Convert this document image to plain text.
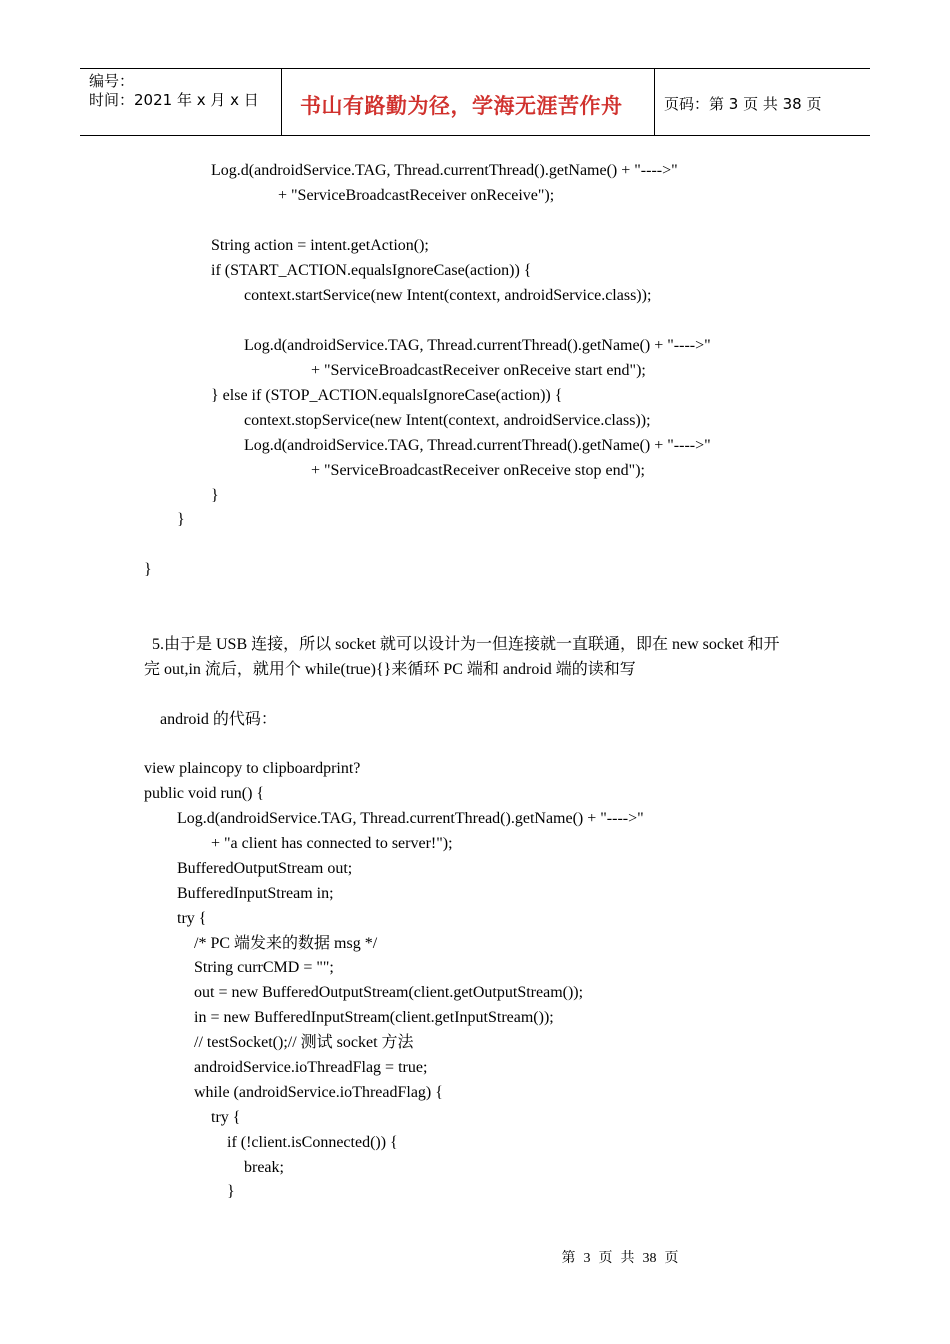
编号：
时间：2021 年 x 月 x 日 书山有路勤为径，学海无涯苦作舟	页码：第 3 页 共 38 页
Log.d(androidService.TAG, Thread.currentThread().getName() + "---->"
+ "ServiceBroadcastReceiver onReceive");
String action = intent.getAction();
if (START_ACTION.equalsIgnoreCase(action)) {
context.startService(new Intent(context, androidService.class));
Log.d(androidService.TAG, Thread.currentThread().getName() + "---->"
+ "ServiceBroadcastReceiver onReceive start end");
} else if (STOP_ACTION.equalsIgnoreCase(action)) {
context.stopService(new Intent(context, androidService.class));
Log.d(androidService.TAG, Thread.currentThread().getName() + "---->"
+ "ServiceBroadcastReceiver onReceive stop end");
}
}
}
5.由于是 USB 连接，所以 socket 就可以设计为一但连接就一直联通，即在 new socket 和开
完 out,in 流后，就用个 while(true){}来循环 PC 端和 android 端的读和写
android 的代码：
view plaincopy to clipboardprint?
public void run() {
Log.d(androidService.TAG, Thread.currentThread().getName() + "---->"
+ "a client has connected to server!");
BufferedOutputStream out;
BufferedInputStream in;
try {
/* PC 端发来的数据 msg */
String currCMD = "";
out = new BufferedOutputStream(client.getOutputStream());
in = new BufferedInputStream(client.getInputStream());
// testSocket();// 测试 socket 方法
androidService.ioThreadFlag = true;
while (androidService.ioThreadFlag) {
try {
if (!client.isConnected()) {
break;
}
第 3 页 共 38 页
